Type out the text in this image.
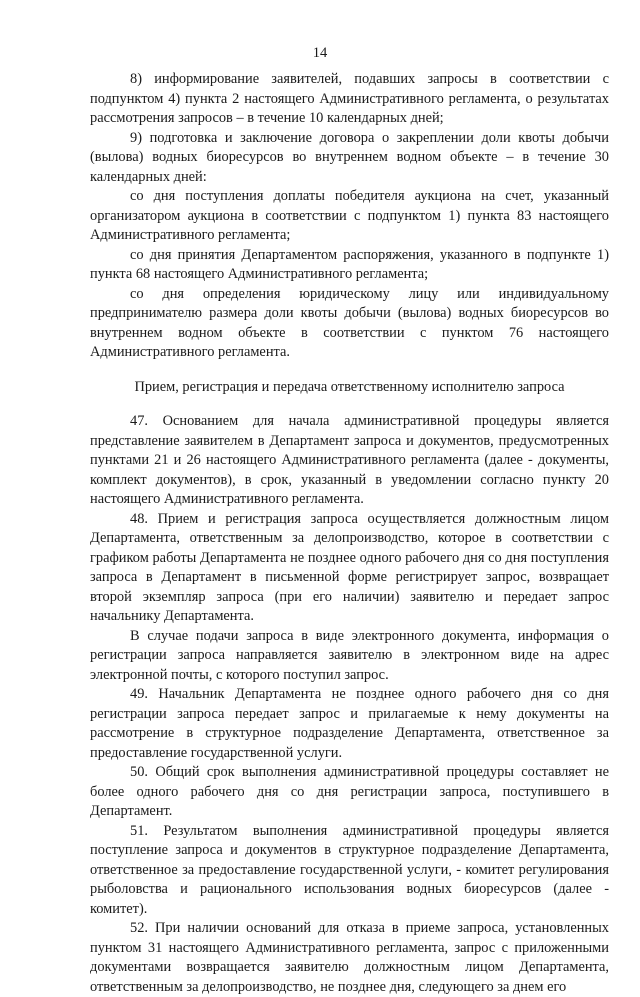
14

8) информирование заявителей, подавших запросы в соответствии с подпунктом 4) пункта 2 настоящего Административного регламента, о результатах рассмотрения запросов – в течение 10 календарных дней;

9) подготовка и заключение договора о закреплении доли квоты добычи (вылова) водных биоресурсов во внутреннем водном объекте – в течение 30 календарных дней:

со дня поступления доплаты победителя аукциона на счет, указанный организатором аукциона в соответствии с подпунктом 1) пункта 83 настоящего Административного регламента;

со дня принятия Департаментом распоряжения, указанного в подпункте 1) пункта 68 настоящего Административного регламента;

со дня определения юридическому лицу или индивидуальному предпринимателю размера доли квоты добычи (вылова) водных биоресурсов во внутреннем водном объекте в соответствии с пунктом 76 настоящего Административного регламента.

Прием, регистрация и передача ответственному исполнителю запроса

47. Основанием для начала административной процедуры является представление заявителем в Департамент запроса и документов, предусмотренных пунктами 21 и 26 настоящего Административного регламента (далее - документы, комплект документов), в срок, указанный в уведомлении согласно пункту 20 настоящего Административного регламента.

48. Прием и регистрация запроса осуществляется должностным лицом Департамента, ответственным за делопроизводство, которое в соответствии с графиком работы Департамента не позднее одного рабочего дня со дня поступления запроса в Департамент в письменной форме регистрирует запрос, возвращает второй экземпляр запроса (при его наличии) заявителю и передает запрос начальнику Департамента.

В случае подачи запроса в виде электронного документа, информация о регистрации запроса направляется заявителю в электронном виде на адрес электронной почты, с которого поступил запрос.

49. Начальник Департамента не позднее одного рабочего дня со дня регистрации запроса передает запрос и прилагаемые к нему документы на рассмотрение в структурное подразделение Департамента, ответственное за предоставление государственной услуги.

50. Общий срок выполнения административной процедуры составляет не более одного рабочего дня со дня регистрации запроса, поступившего в Департамент.

51. Результатом выполнения административной процедуры является поступление запроса и документов в структурное подразделение Департамента, ответственное за предоставление государственной услуги, - комитет регулирования рыболовства и рационального использования водных биоресурсов (далее - комитет).

52. При наличии оснований для отказа в приеме запроса, установленных пунктом 31 настоящего Административного регламента, запрос с приложенными документами возвращается заявителю должностным лицом Департамента, ответственным за делопроизводство, не позднее дня, следующего за днем его
